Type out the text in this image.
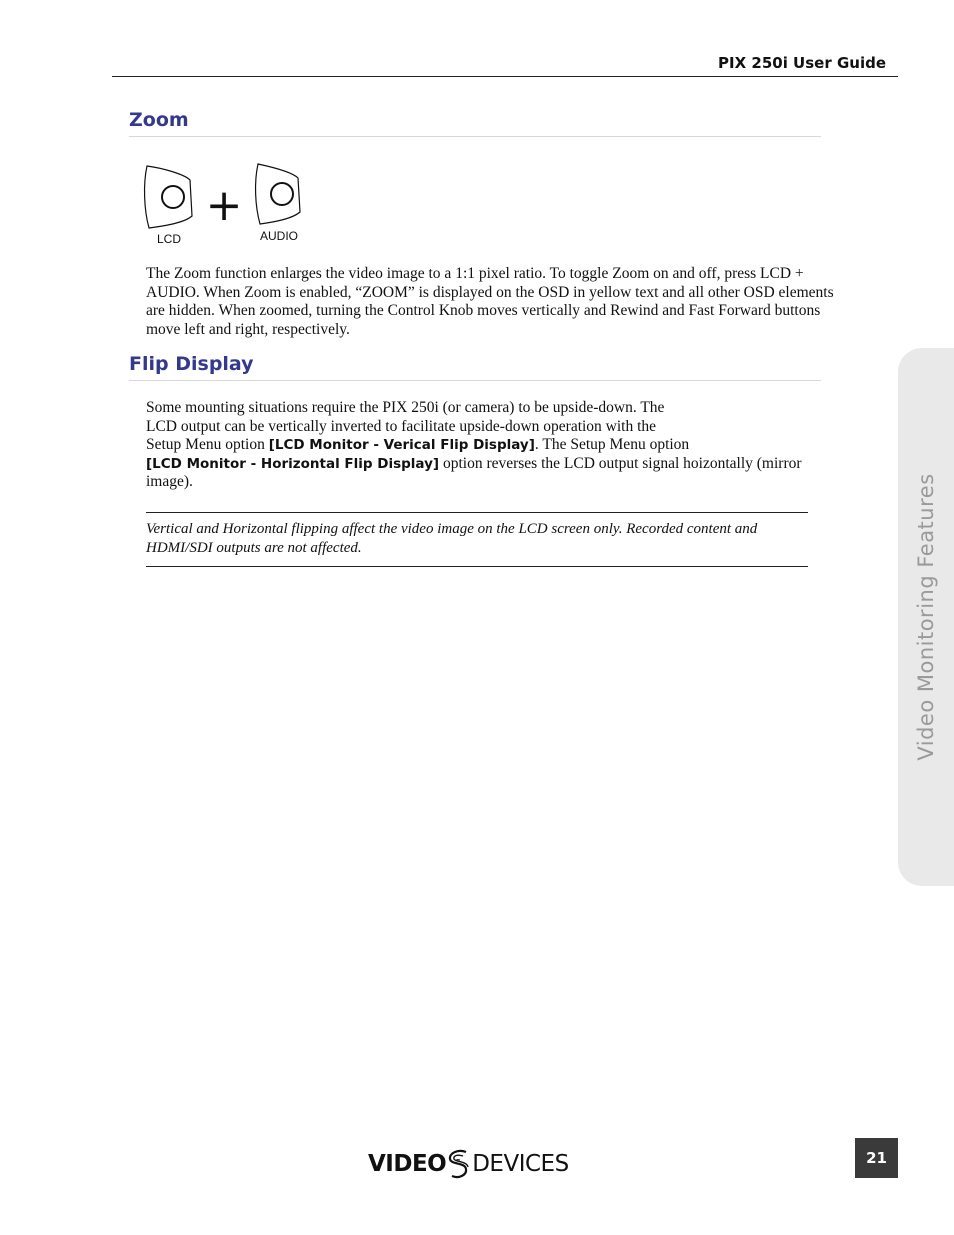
PIX 250i User Guide
Zoom
LCD
+
AUDIO
The Zoom function enlarges the video image to a 1:1 pixel ratio. To toggle Zoom on and off, press LCD + AUDIO. When Zoom is enabled, “ZOOM” is displayed on the OSD in yellow text and all other OSD elements are hidden. When zoomed, turning the Control Knob moves vertically and Rewind and Fast Forward buttons move left and right, respectively.
Flip Display
Some mounting situations require the PIX 250i (or camera) to be upside-down. The
LCD output can be vertically inverted to facilitate upside-down operation with the
Setup Menu option [LCD Monitor - Verical Flip Display]. The Setup Menu option
[LCD Monitor - Horizontal Flip Display] option reverses the LCD output signal hoizontally (mirror image).
Vertical and Horizontal flipping affect the video image on the LCD screen only. Recorded content and HDMI/SDI outputs are not affected.	Video Monitoring Features
VIDEO DEVICES	21
